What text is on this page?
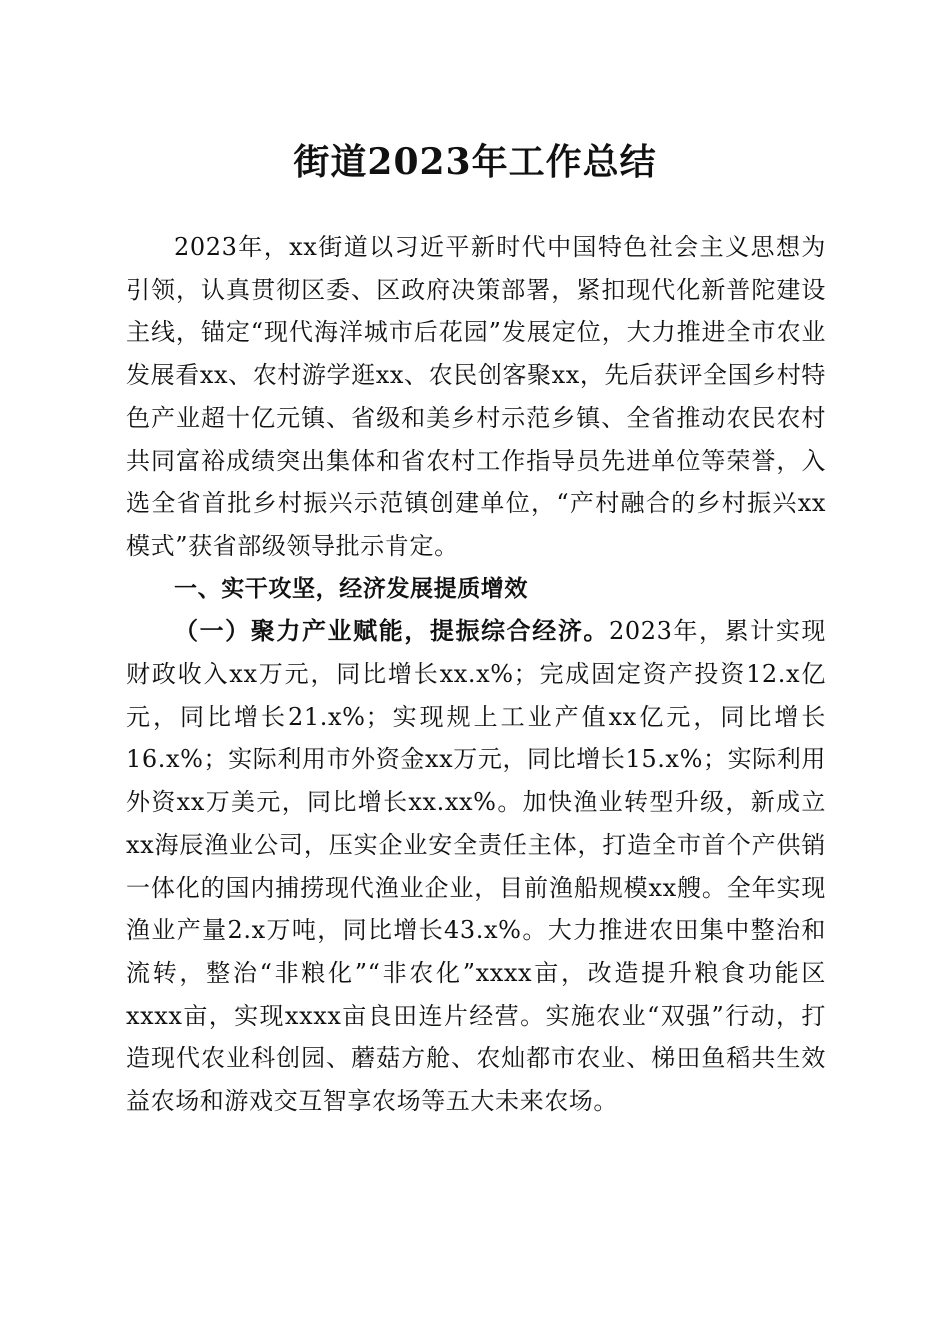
街道2023年工作总结

2023年，xx街道以习近平新时代中国特色社会主义思想为引领，认真贯彻区委、区政府决策部署，紧扣现代化新普陀建设主线，锚定“现代海洋城市后花园”发展定位，大力推进全市农业发展看xx、农村游学逛xx、农民创客聚xx，先后获评全国乡村特色产业超十亿元镇、省级和美乡村示范乡镇、全省推动农民农村共同富裕成绩突出集体和省农村工作指导员先进单位等荣誉，入选全省首批乡村振兴示范镇创建单位，“产村融合的乡村振兴xx模式”获省部级领导批示肯定。

一、实干攻坚，经济发展提质增效

（一）聚力产业赋能，提振综合经济。2023年，累计实现财政收入xx万元，同比增长xx.x%；完成固定资产投资12.x亿元，同比增长21.x%；实现规上工业产值xx亿元，同比增长16.x%；实际利用市外资金xx万元，同比增长15.x%；实际利用外资xx万美元，同比增长xx.xx%。加快渔业转型升级，新成立xx海辰渔业公司，压实企业安全责任主体，打造全市首个产供销一体化的国内捕捞现代渔业企业，目前渔船规模xx艘。全年实现渔业产量2.x万吨，同比增长43.x%。大力推进农田集中整治和流转，整治“非粮化”“非农化”xxxx亩，改造提升粮食功能区xxxx亩，实现xxxx亩良田连片经营。实施农业“双强”行动，打造现代农业科创园、蘑菇方舱、农灿都市农业、梯田鱼稻共生效益农场和游戏交互智享农场等五大未来农场。
